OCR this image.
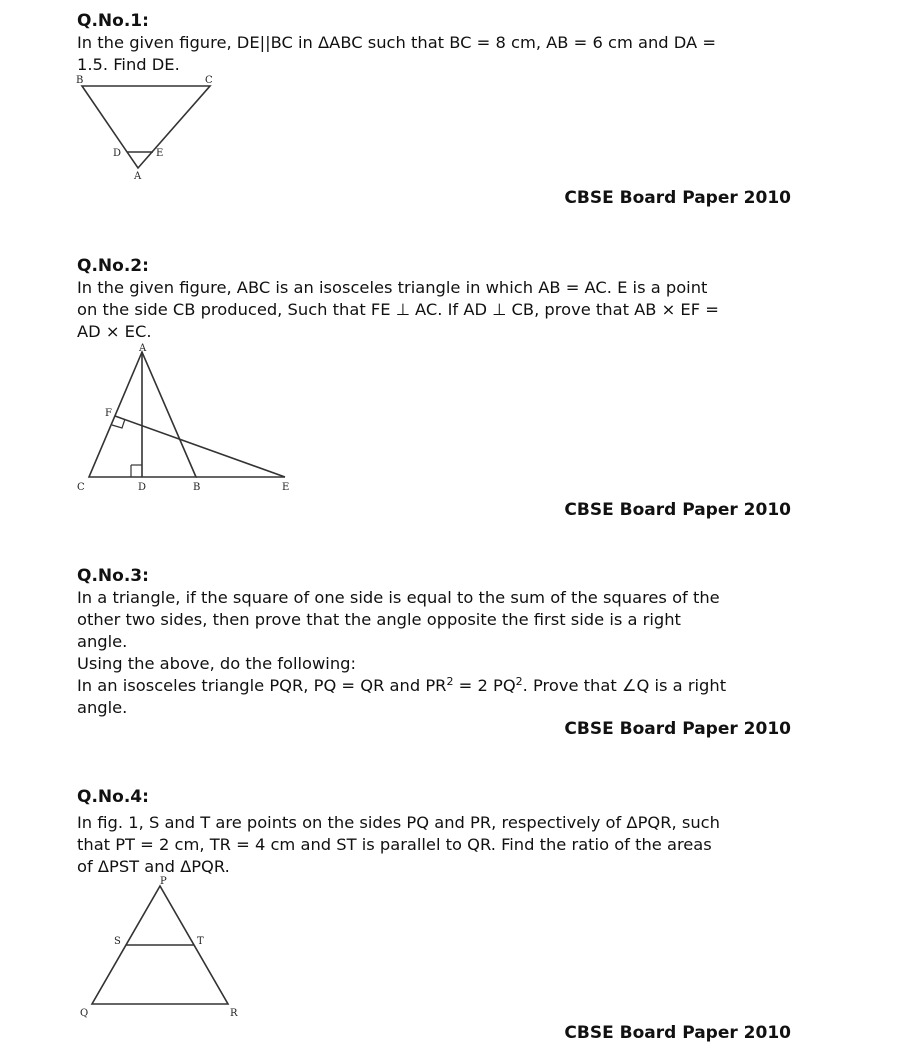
Q.No.1:

In the given figure, DE||BC in ΔABC such that BC = 8 cm, AB = 6 cm and DA =

1.5. Find DE.

B	C
D	E
A
CBSE Board Paper 2010

Q.No.2:

In the given figure, ABC is an isosceles triangle in which AB = AC. E is a point

on the side CB produced, Such that FE ⊥ AC. If AD ⊥ CB, prove that AB × EF =

AD × EC.

A
F
C	D	B	E
CBSE Board Paper 2010

Q.No.3:

In a triangle, if the square of one side is equal to the sum of the squares of the

other two sides, then prove that the angle opposite the first side is a right

angle.

Using the above, do the following:

In an isosceles triangle PQR, PQ = QR and $PR^2 = 2$ $PQ^2$. Prove that ∠Q is a right

angle.

CBSE Board Paper 2010

Q.No.4:

In fig. 1, S and T are points on the sides PQ and PR, respectively of ΔPQR, such

that PT = 2 cm, TR = 4 cm and ST is parallel to QR. Find the ratio of the areas

of ΔPST and ΔPQR.

P
S	T
Q	R
CBSE Board Paper 2010
